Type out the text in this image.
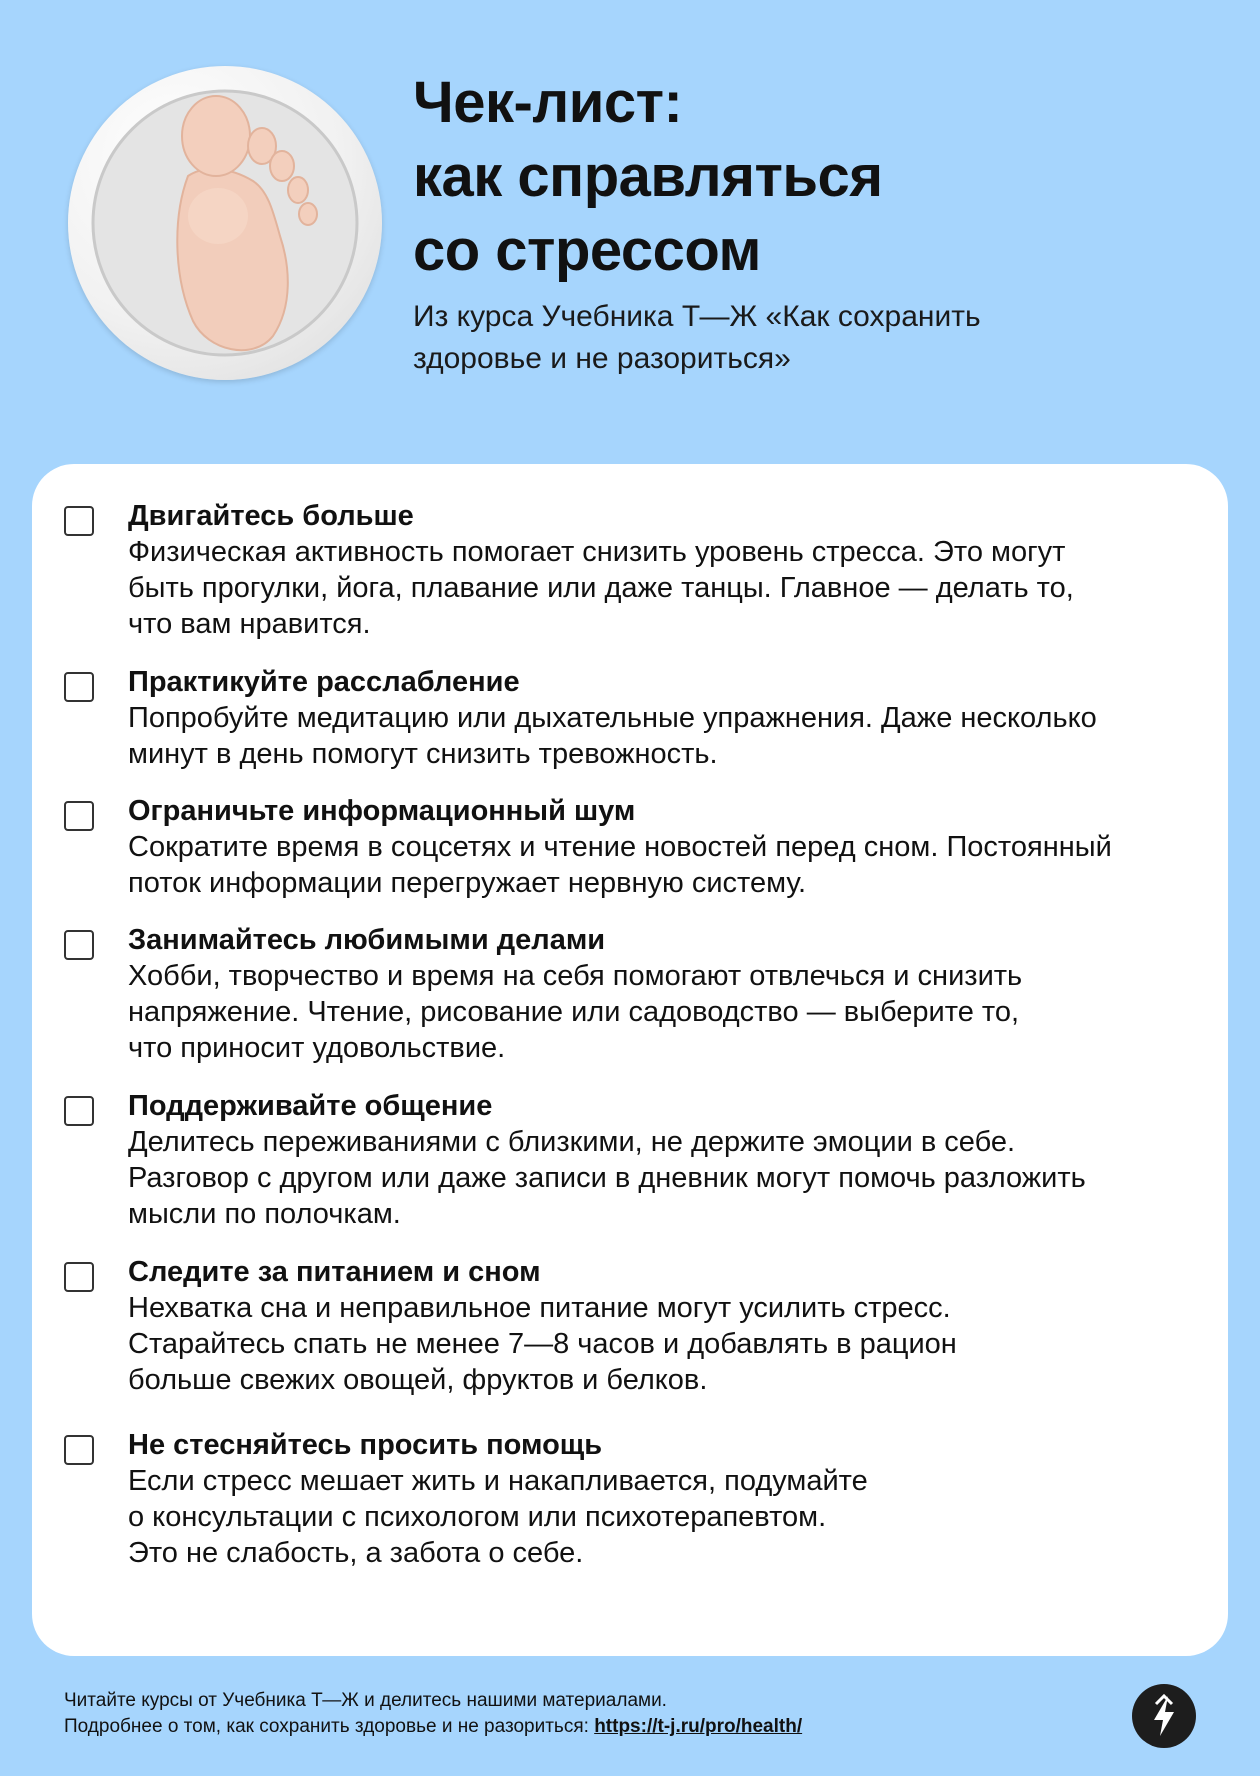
Чек-лист:
как справляться
со стрессом

Из курса Учебника Т—Ж «Как сохранить
здоровье и не разориться»

Двигайтесь больше
Физическая активность помогает снизить уровень стресса. Это могут
быть прогулки, йога, плавание или даже танцы. Главное — делать то,
что вам нравится.
Практикуйте расслабление
Попробуйте медитацию или дыхательные упражнения. Даже несколько
минут в день помогут снизить тревожность.
Ограничьте информационный шум
Сократите время в соцсетях и чтение новостей перед сном. Постоянный
поток информации перегружает нервную систему.
Занимайтесь любимыми делами
Хобби, творчество и время на себя помогают отвлечься и снизить
напряжение. Чтение, рисование или садоводство — выберите то,
что приносит удовольствие.
Поддерживайте общение
Делитесь переживаниями с близкими, не держите эмоции в себе.
Разговор с другом или даже записи в дневник могут помочь разложить
мысли по полочкам.
Следите за питанием и сном
Нехватка сна и неправильное питание могут усилить стресс.
Старайтесь спать не менее 7—8 часов и добавлять в рацион
больше свежих овощей, фруктов и белков.
Не стесняйтесь просить помощь
Если стресс мешает жить и накапливается, подумайте
о консультации с психологом или психотерапевтом.
Это не слабость, а забота о себе.
Читайте курсы от Учебника Т—Ж и делитесь нашими материалами.
Подробнее о том, как сохранить здоровье и не разориться: https://t-j.ru/pro/health/
